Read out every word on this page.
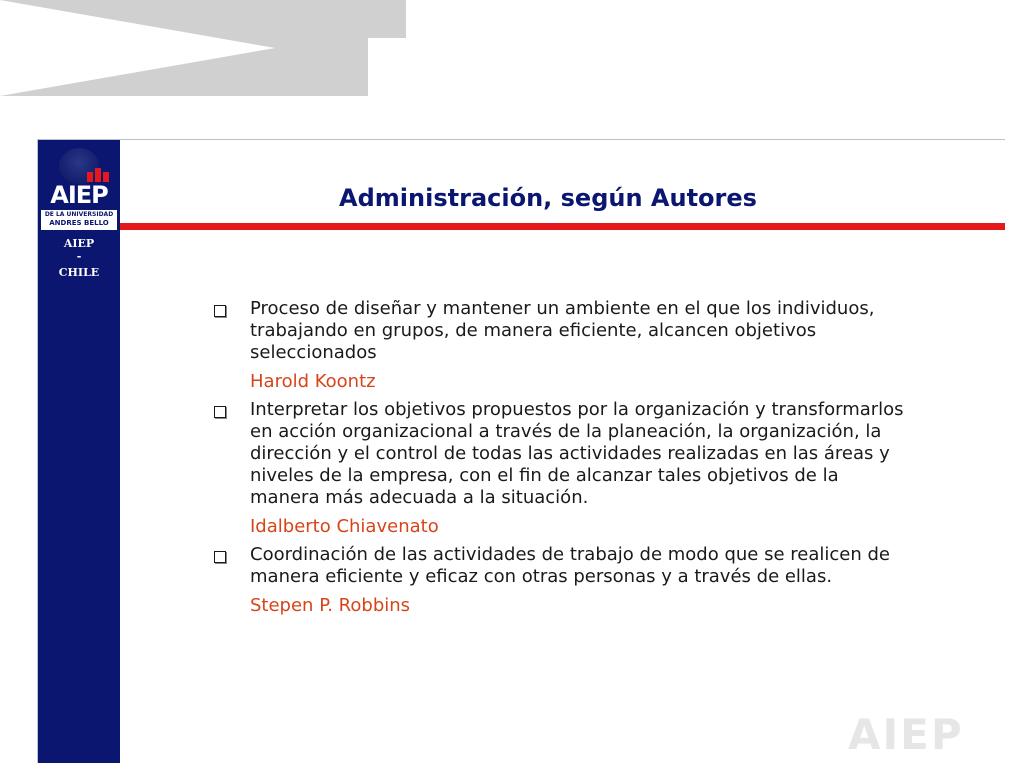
AIEP
DE LA UNIVERSIDAD
ANDRES BELLO
AIEP
-
CHILE
Administración, según Autores
Proceso de diseñar y mantener un ambiente en el que los individuos, trabajando en grupos, de manera eficiente, alcancen objetivos seleccionados
Harold Koontz
Interpretar los objetivos propuestos por la organización y transformarlos en acción organizacional a través de la planeación, la organización, la dirección y el control de todas las actividades realizadas en las áreas y niveles de la empresa, con el fin de alcanzar tales objetivos de la manera más adecuada a la situación.
Idalberto Chiavenato
Coordinación de las actividades de trabajo de modo que se realicen de manera eficiente y eficaz con otras personas y a través de ellas.
Stepen P. Robbins
AIEP
